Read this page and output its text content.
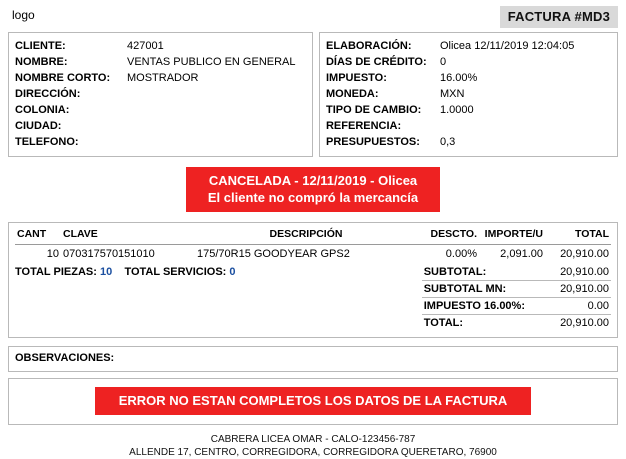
logo	FACTURA #MD3
CLIENTE:	427001
NOMBRE:	VENTAS PUBLICO EN GENERAL
NOMBRE CORTO:	MOSTRADOR
DIRECCIÓN:	
COLONIA:	
CIUDAD:	
TELEFONO:	
ELABORACIÓN:	Olicea 12/11/2019 12:04:05
DÍAS DE CRÉDITO:	0
IMPUESTO:	16.00%
MONEDA:	MXN
TIPO DE CAMBIO:	1.0000
REFERENCIA:	
PRESUPUESTOS:	0,3
CANCELADA - 12/11/2019 - Olicea
El cliente no compró la mercancía
CANT	CLAVE	DESCRIPCIÓN	DESCTO.	IMPORTE/U	TOTAL
10	070317570151010	175/70R15 GOODYEAR GPS2	0.00%	2,091.00	20,910.00
TOTAL PIEZAS: 10 TOTAL SERVICIOS: 0	SUBTOTAL:	20,910.00
SUBTOTAL MN:	20,910.00
IMPUESTO 16.00%:	0.00
TOTAL:	20,910.00
OBSERVACIONES:
ERROR NO ESTAN COMPLETOS LOS DATOS DE LA FACTURA
CABRERA LICEA OMAR - CALO-123456-787
ALLENDE 17, CENTRO, CORREGIDORA, CORREGIDORA QUERETARO, 76900
